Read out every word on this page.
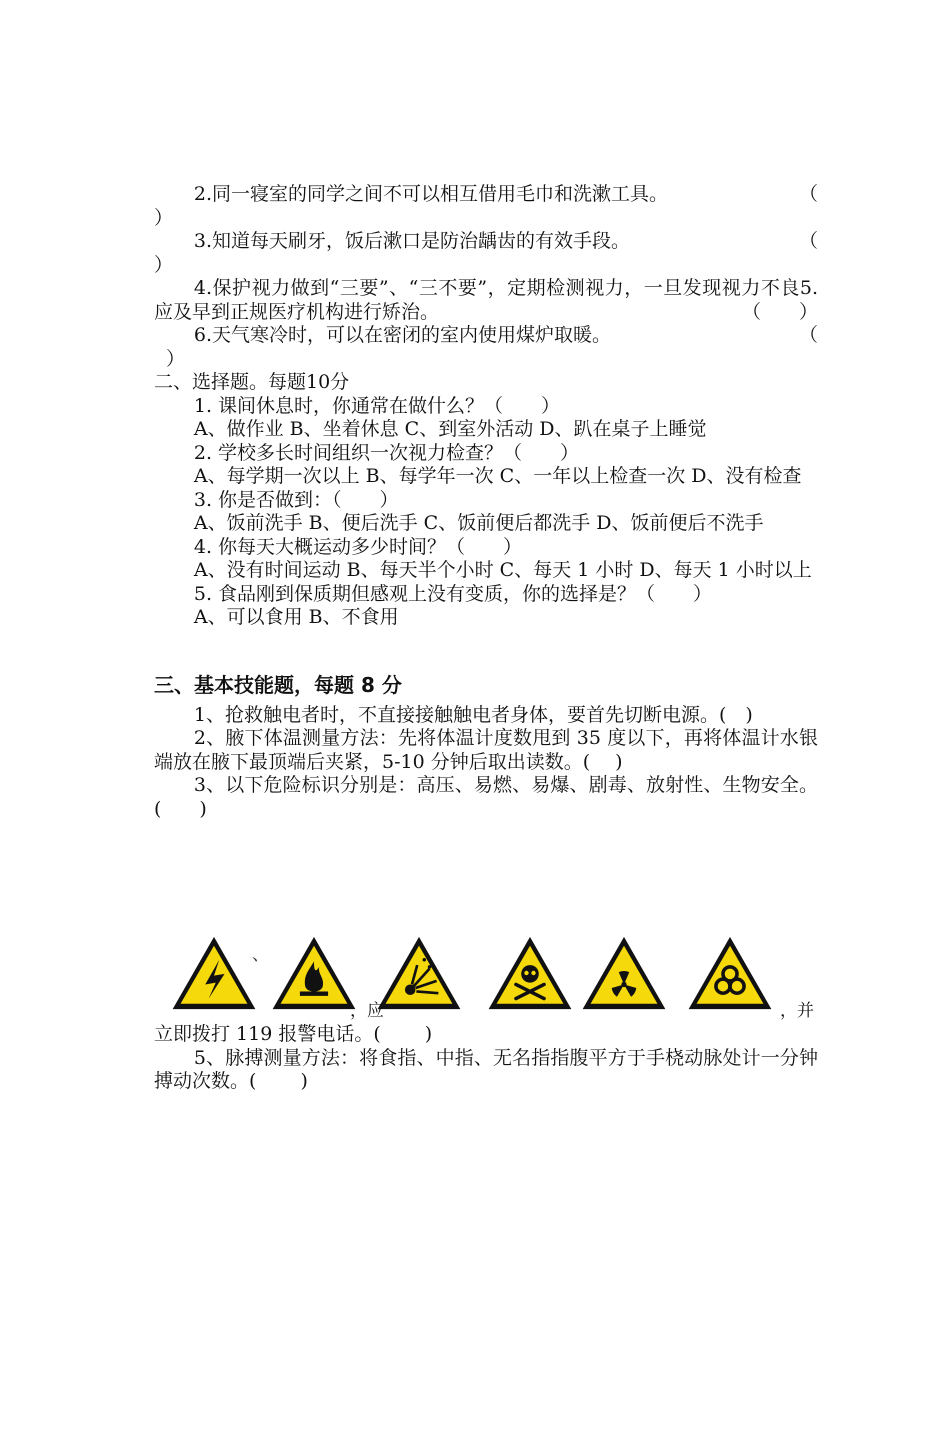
2.同一寝室的同学之间不可以相互借用毛巾和洗漱工具。	（
）
3.知道每天刷牙，饭后漱口是防治龋齿的有效手段。	（
）

4.保护视力做到“三要”、“三不要”，定期检测视力，一旦发现视力不良5.应及早到正规医疗机构进行矫治。	（　　）
6.天气寒冷时，可以在密闭的室内使用煤炉取暖。	（
）

二、选择题。每题10分

1. 课间休息时，你通常在做什么？（　　）

A、做作业 B、坐着休息 C、到室外活动 D、趴在桌子上睡觉

2. 学校多长时间组织一次视力检查？（　　）

A、每学期一次以上 B、每学年一次 C、一年以上检查一次 D、没有检查

3. 你是否做到：（　　）

A、饭前洗手 B、便后洗手 C、饭前便后都洗手 D、饭前便后不洗手

4. 你每天大概运动多少时间？（　　）

A、没有时间运动 B、每天半个小时 C、每天 1 小时 D、每天 1 小时以上

5. 食品刚到保质期但感观上没有变质，你的选择是？（　　）

A、可以食用 B、不食用

三、基本技能题，每题 8 分

1、抢救触电者时，不直接接触触电者身体，要首先切断电源。(　)

2、腋下体温测量方法：先将体温计度数甩到 35 度以下，再将体温计水银端放在腋下最顶端后夹紧，5-10 分钟后取出读数。(　 )

3、以下危险标识分别是：高压、易燃、易爆、剧毒、放射性、生物安全。(　　)

、
，应	，并

立即拨打 119 报警电话。(　　 )

5、脉搏测量方法：将食指、中指、无名指指腹平方于手桡动脉处计一分钟搏动次数。(　　 )
